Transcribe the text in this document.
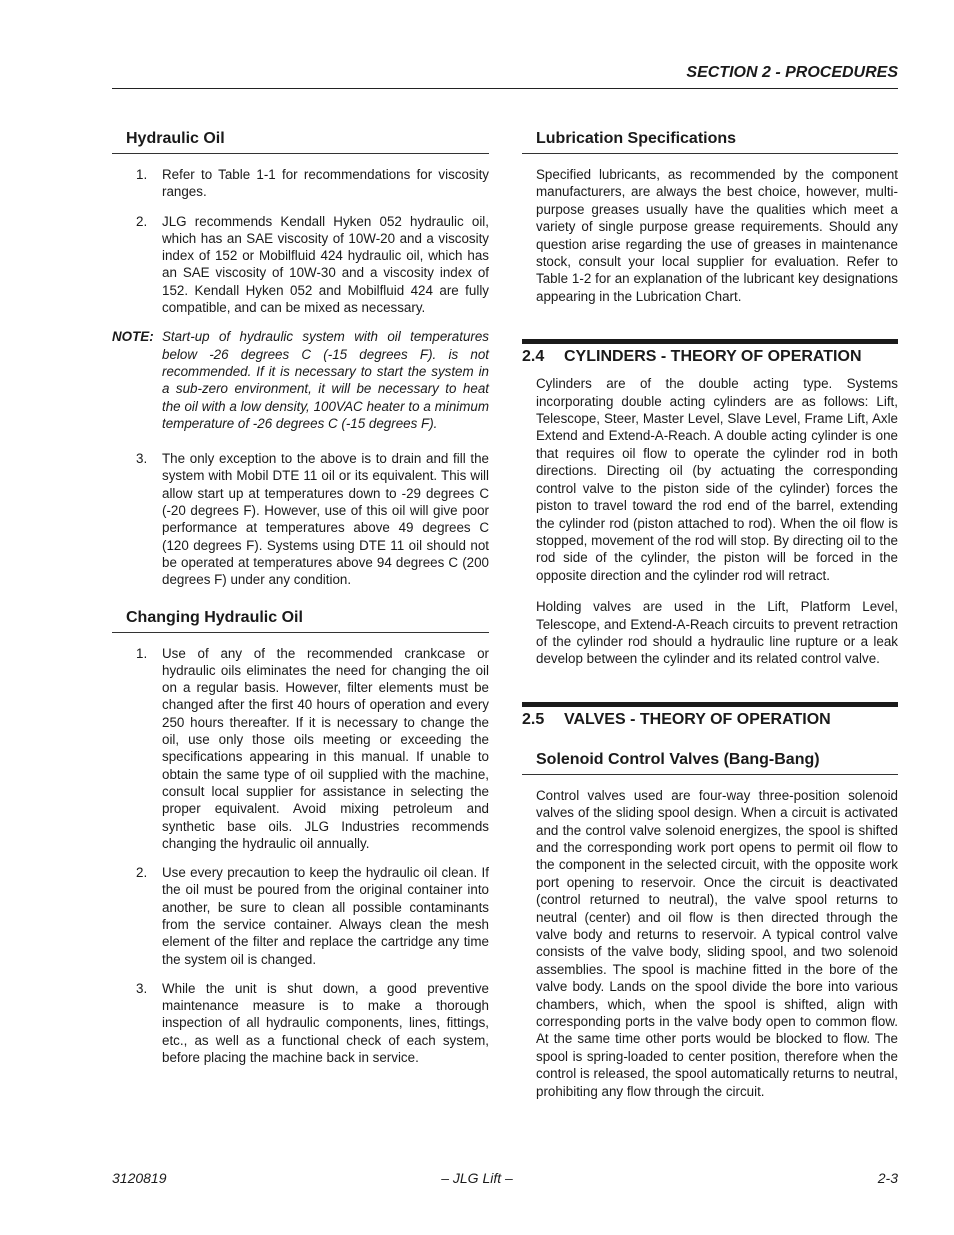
SECTION 2 - PROCEDURES
Hydraulic Oil
1.	Refer to Table 1-1 for recommendations for viscosity ranges.
2.	JLG recommends Kendall Hyken 052 hydraulic oil, which has an SAE viscosity of 10W-20 and a viscosity index of 152 or Mobilfluid 424 hydraulic oil, which has an SAE viscosity of 10W-30 and a viscosity index of 152. Kendall Hyken 052 and Mobilfluid 424 are fully compatible, and can be mixed as necessary.
NOTE: Start-up of hydraulic system with oil temperatures below -26 degrees C (-15 degrees F). is not recommended. If it is necessary to start the system in a sub-zero environment, it will be necessary to heat the oil with a low density, 100VAC heater to a minimum temperature of -26 degrees C (-15 degrees F).
3.	The only exception to the above is to drain and fill the system with Mobil DTE 11 oil or its equivalent. This will allow start up at temperatures down to -29 degrees C (-20 degrees F). However, use of this oil will give poor performance at temperatures above 49 degrees C (120 degrees F). Systems using DTE 11 oil should not be operated at temperatures above 94 degrees C (200 degrees F) under any condition.
Changing Hydraulic Oil
1.	Use of any of the recommended crankcase or hydraulic oils eliminates the need for changing the oil on a regular basis. However, filter elements must be changed after the first 40 hours of operation and every 250 hours thereafter. If it is necessary to change the oil, use only those oils meeting or exceeding the specifications appearing in this manual. If unable to obtain the same type of oil supplied with the machine, consult local supplier for assistance in selecting the proper equivalent. Avoid mixing petroleum and synthetic base oils. JLG Industries recommends changing the hydraulic oil annually.
2.	Use every precaution to keep the hydraulic oil clean. If the oil must be poured from the original container into another, be sure to clean all possible contaminants from the service container. Always clean the mesh element of the filter and replace the cartridge any time the system oil is changed.
3.	While the unit is shut down, a good preventive maintenance measure is to make a thorough inspection of all hydraulic components, lines, fittings, etc., as well as a functional check of each system, before placing the machine back in service.
Lubrication Specifications

Specified lubricants, as recommended by the component manufacturers, are always the best choice, however, multi-purpose greases usually have the qualities which meet a variety of single purpose grease requirements. Should any question arise regarding the use of greases in maintenance stock, consult your local supplier for evaluation. Refer to Table 1-2 for an explanation of the lubricant key designations appearing in the Lubrication Chart.

2.4	CYLINDERS - THEORY OF OPERATION

Cylinders are of the double acting type. Systems incorporating double acting cylinders are as follows: Lift, Telescope, Steer, Master Level, Slave Level, Frame Lift, Axle Extend and Extend-A-Reach. A double acting cylinder is one that requires oil flow to operate the cylinder rod in both directions. Directing oil (by actuating the corresponding control valve to the piston side of the cylinder) forces the piston to travel toward the rod end of the barrel, extending the cylinder rod (piston attached to rod). When the oil flow is stopped, movement of the rod will stop. By directing oil to the rod side of the cylinder, the piston will be forced in the opposite direction and the cylinder rod will retract.

Holding valves are used in the Lift, Platform Level, Telescope, and Extend-A-Reach circuits to prevent retraction of the cylinder rod should a hydraulic line rupture or a leak develop between the cylinder and its related control valve.

2.5	VALVES - THEORY OF OPERATION
Solenoid Control Valves (Bang-Bang)

Control valves used are four-way three-position solenoid valves of the sliding spool design. When a circuit is activated and the control valve solenoid energizes, the spool is shifted and the corresponding work port opens to permit oil flow to the component in the selected circuit, with the opposite work port opening to reservoir. Once the circuit is deactivated (control returned to neutral), the valve spool returns to neutral (center) and oil flow is then directed through the valve body and returns to reservoir. A typical control valve consists of the valve body, sliding spool, and two solenoid assemblies. The spool is machine fitted in the bore of the valve body. Lands on the spool divide the bore into various chambers, which, when the spool is shifted, align with corresponding ports in the valve body open to common flow. At the same time other ports would be blocked to flow. The spool is spring-loaded to center position, therefore when the control is released, the spool automatically returns to neutral, prohibiting any flow through the circuit.

3120819	– JLG Lift –	2-3
